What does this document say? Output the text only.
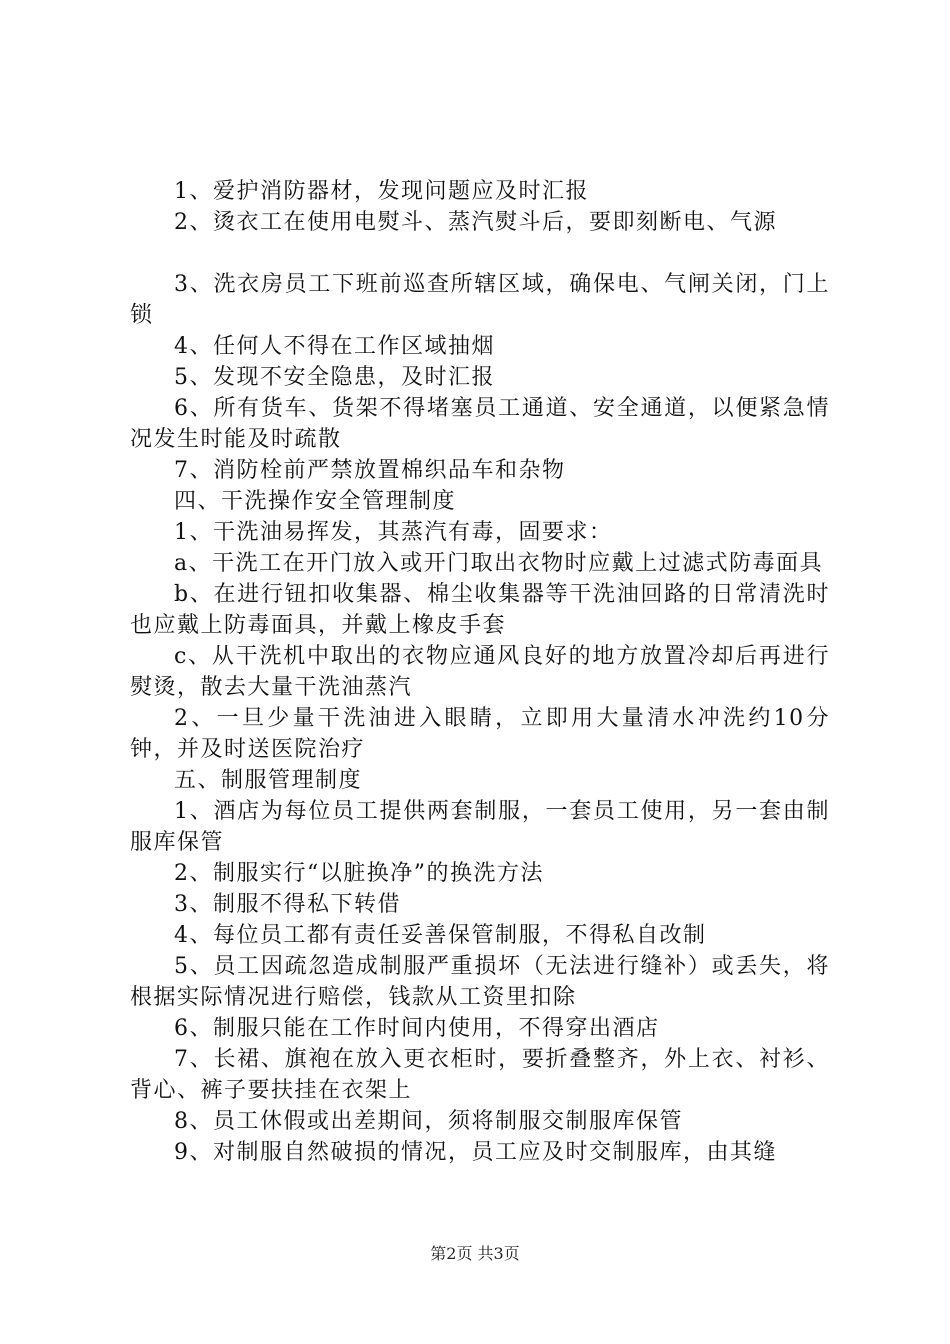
1、爱护消防器材，发现问题应及时汇报

2、烫衣工在使用电熨斗、蒸汽熨斗后，要即刻断电、气源

3、洗衣房员工下班前巡查所辖区域，确保电、气闸关闭，门上锁

4、任何人不得在工作区域抽烟

5、发现不安全隐患，及时汇报

6、所有货车、货架不得堵塞员工通道、安全通道，以便紧急情况发生时能及时疏散

7、消防栓前严禁放置棉织品车和杂物

四、干洗操作安全管理制度

1、干洗油易挥发，其蒸汽有毒，固要求：

a、干洗工在开门放入或开门取出衣物时应戴上过滤式防毒面具

b、在进行钮扣收集器、棉尘收集器等干洗油回路的日常清洗时也应戴上防毒面具，并戴上橡皮手套

c、从干洗机中取出的衣物应通风良好的地方放置冷却后再进行熨烫，散去大量干洗油蒸汽

2、一旦少量干洗油进入眼睛，立即用大量清水冲洗约10分钟，并及时送医院治疗

五、制服管理制度

1、酒店为每位员工提供两套制服，一套员工使用，另一套由制服库保管

2、制服实行“以脏换净”的换洗方法

3、制服不得私下转借

4、每位员工都有责任妥善保管制服，不得私自改制

5、员工因疏忽造成制服严重损坏（无法进行缝补）或丢失，将根据实际情况进行赔偿，钱款从工资里扣除

6、制服只能在工作时间内使用，不得穿出酒店

7、长裙、旗袍在放入更衣柜时，要折叠整齐，外上衣、衬衫、背心、裤子要扶挂在衣架上

8、员工休假或出差期间，须将制服交制服库保管

9、对制服自然破损的情况，员工应及时交制服库，由其缝

第2页 共3页
